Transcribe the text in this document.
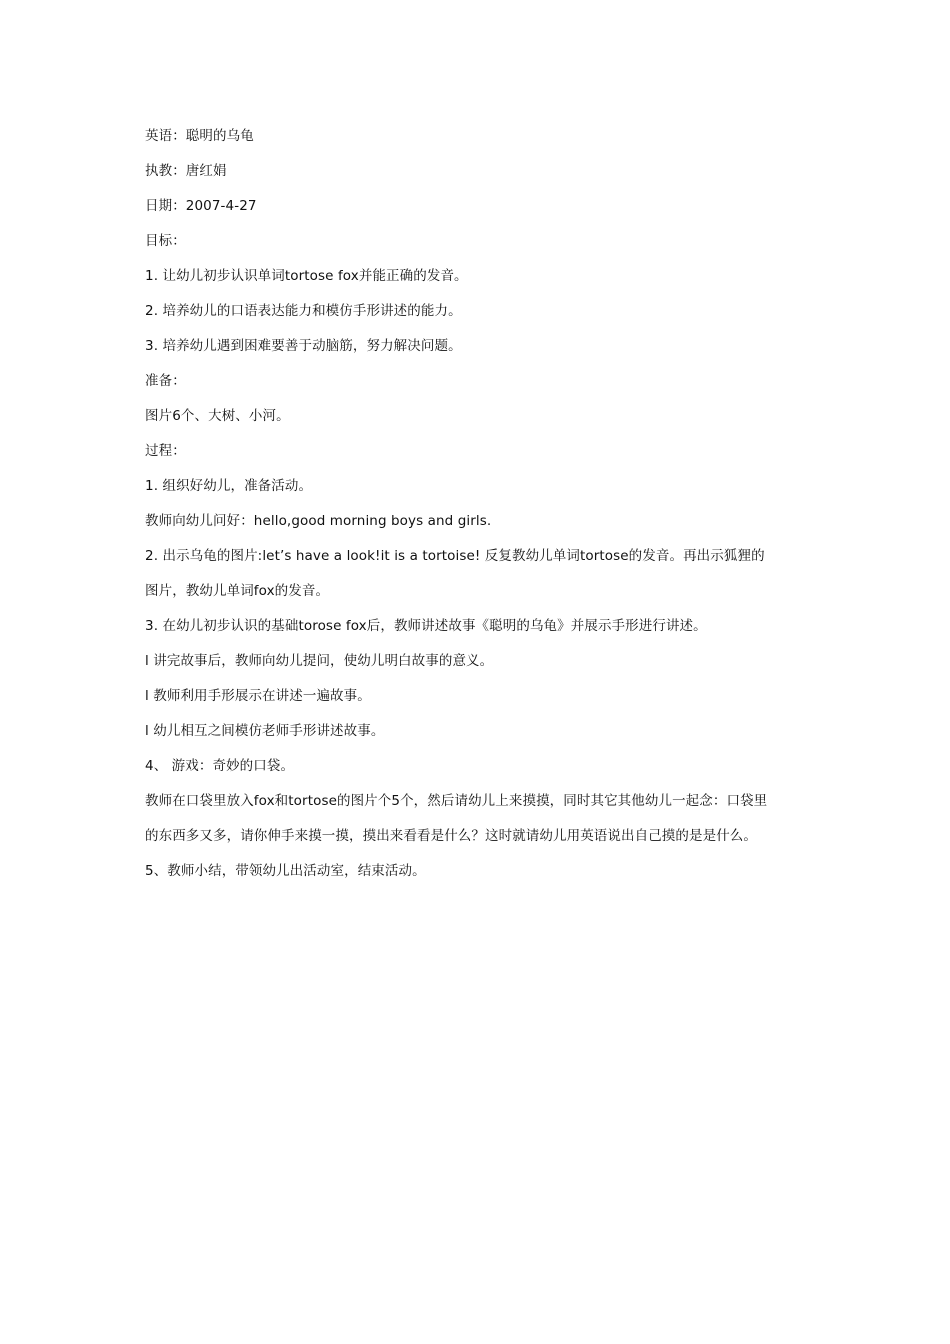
英语：聪明的乌龟
执教：唐红娟
日期：2007-4-27
目标：
1. 让幼儿初步认识单词tortose fox并能正确的发音。
2. 培养幼儿的口语表达能力和模仿手形讲述的能力。
3. 培养幼儿遇到困难要善于动脑筋，努力解决问题。
准备：
图片6个、大树、小河。
过程：
1. 组织好幼儿，准备活动。
教师向幼儿问好：hello,good morning boys and girls.
2. 出示乌龟的图片:let’s have a look!it is a tortoise! 反复教幼儿单词tortose的发音。再出示狐狸的
图片，教幼儿单词fox的发音。
3. 在幼儿初步认识的基础torose fox后，教师讲述故事《聪明的乌龟》并展示手形进行讲述。
l 讲完故事后，教师向幼儿提问，使幼儿明白故事的意义。
l 教师利用手形展示在讲述一遍故事。
l 幼儿相互之间模仿老师手形讲述故事。
4、 游戏：奇妙的口袋。
教师在口袋里放入fox和tortose的图片个5个，然后请幼儿上来摸摸，同时其它其他幼儿一起念：口袋里
的东西多又多，请你伸手来摸一摸，摸出来看看是什么？这时就请幼儿用英语说出自己摸的是是什么。
5、教师小结，带领幼儿出活动室，结束活动。
